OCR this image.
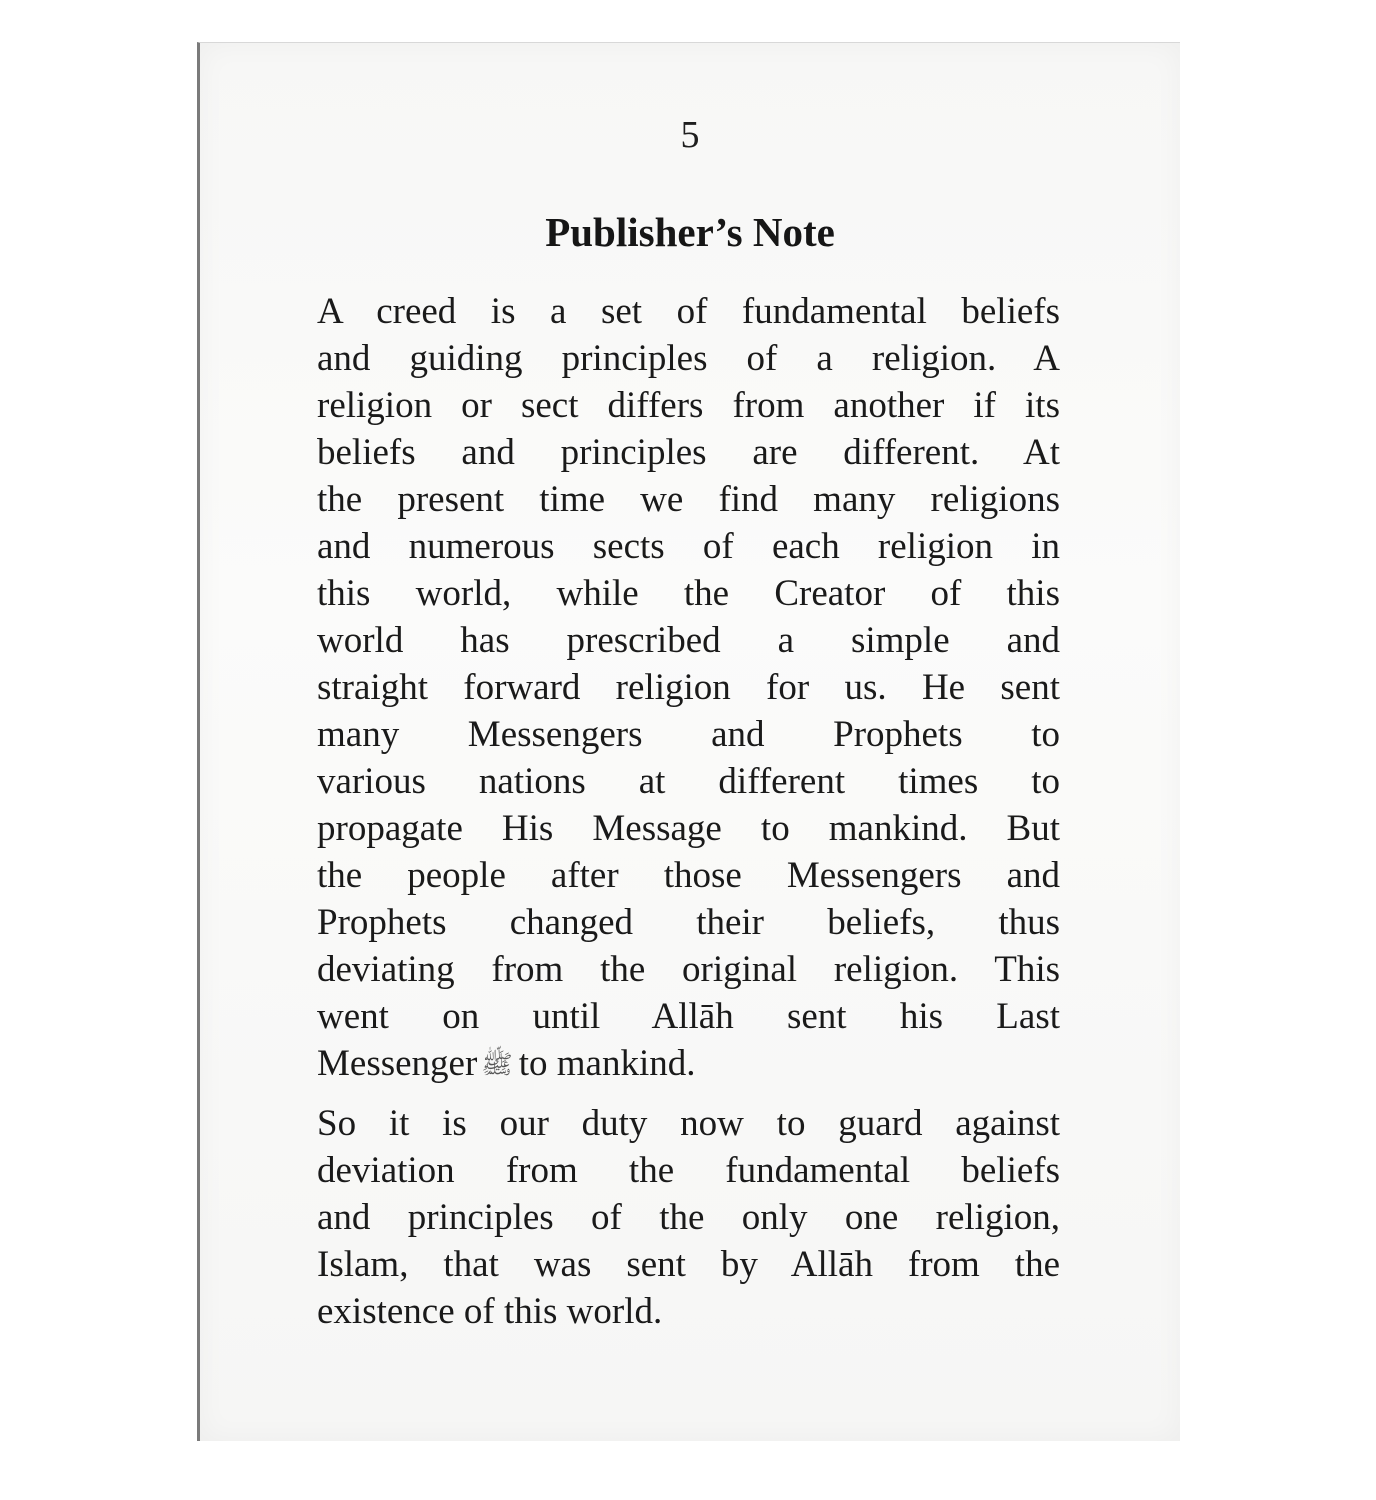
5
Publisher’s Note
A creed is a set of fundamental beliefs
and guiding principles of a religion. A
religion or sect differs from another if its
beliefs and principles are different. At
the present time we find many religions
and numerous sects of each religion in
this world, while the Creator of this
world has prescribed a simple and
straight forward religion for us. He sent
many Messengers and Prophets to
various nations at different times to
propagate His Message to mankind. But
the people after those Messengers and
Prophets changed their beliefs, thus
deviating from the original religion. This
went on until Allāh sent his Last
Messenger ﷺ to mankind.
So it is our duty now to guard against
deviation from the fundamental beliefs
and principles of the only one religion,
Islam, that was sent by Allāh from the
existence of this world.
